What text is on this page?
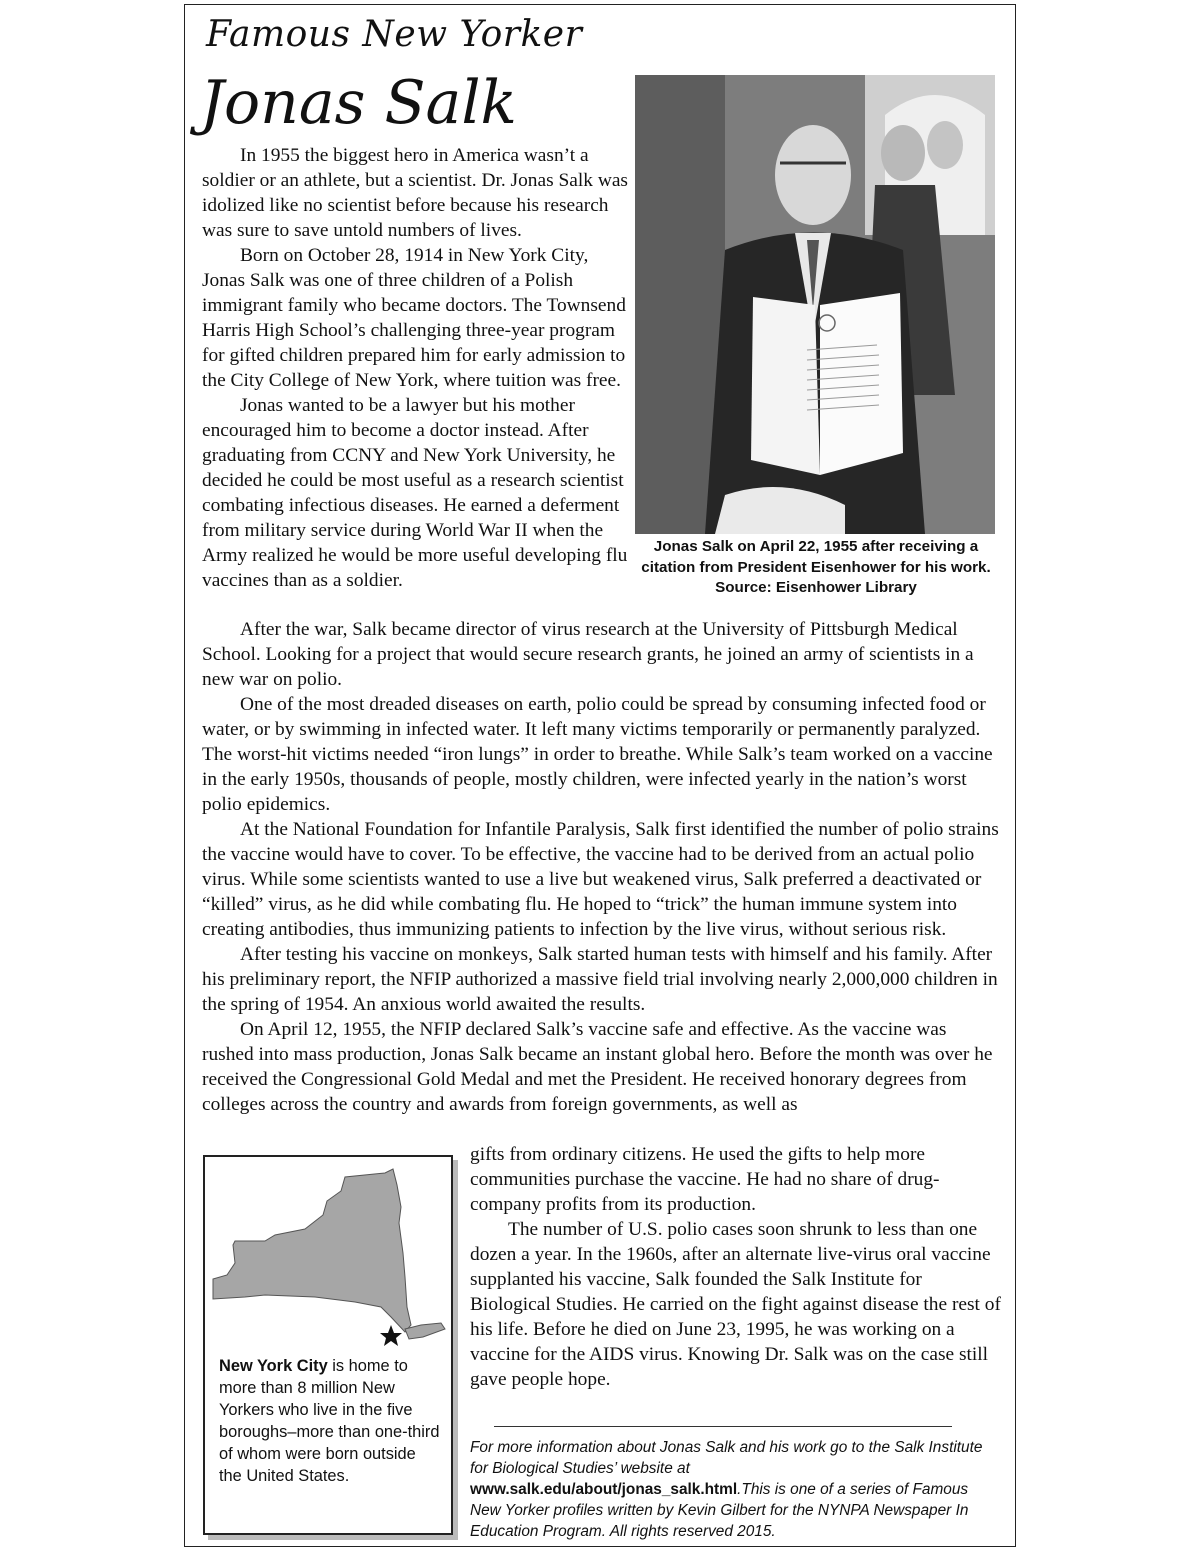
Famous New Yorker
Jonas Salk

In 1955 the biggest hero in America wasn’t a soldier or an athlete, but a scientist. Dr. Jonas Salk was idolized like no scientist before because his research was sure to save untold numbers of lives.

Born on October 28, 1914 in New York City, Jonas Salk was one of three children of a Polish immigrant family who became doctors. The Townsend Harris High School’s challenging three-year program for gifted children prepared him for early admission to the City College of New York, where tuition was free.

Jonas wanted to be a lawyer but his mother encouraged him to become a doctor instead. After graduating from CCNY and New York University, he decided he could be most useful as a research scientist combating infectious diseases. He earned a deferment from military service during World War II when the Army realized he would be more useful developing flu vaccines than as a soldier.

Jonas Salk on April 22, 1955 after receiving a citation from President Eisenhower for his work. Source: Eisenhower Library

After the war, Salk became director of virus research at the University of Pittsburgh Medical School. Looking for a project that would secure research grants, he joined an army of scientists in a new war on polio.

One of the most dreaded diseases on earth, polio could be spread by consuming infected food or water, or by swimming in infected water. It left many victims temporarily or permanently paralyzed. The worst-hit victims needed “iron lungs” in order to breathe. While Salk’s team worked on a vaccine in the early 1950s, thousands of people, mostly children, were infected yearly in the nation’s worst polio epidemics.

At the National Foundation for Infantile Paralysis, Salk first identified the number of polio strains the vaccine would have to cover. To be effective, the vaccine had to be derived from an actual polio virus. While some scientists wanted to use a live but weakened virus, Salk preferred a deactivated or “killed” virus, as he did while combating flu. He hoped to “trick” the human immune system into creating antibodies, thus immunizing patients to infection by the live virus, without serious risk.

After testing his vaccine on monkeys, Salk started human tests with himself and his family. After his preliminary report, the NFIP authorized a massive field trial involving nearly 2,000,000 children in the spring of 1954. An anxious world awaited the results.

On April 12, 1955, the NFIP declared Salk’s vaccine safe and effective. As the vaccine was rushed into mass production, Jonas Salk became an instant global hero. Before the month was over he received the Congressional Gold Medal and met the President. He received honorary degrees from colleges across the country and awards from foreign governments, as well as

gifts from ordinary citizens. He used the gifts to help more communities purchase the vaccine. He had no share of drug-company profits from its production.

The number of U.S. polio cases soon shrunk to less than one dozen a year. In the 1960s, after an alternate live-virus oral vaccine supplanted his vaccine, Salk founded the Salk Institute for Biological Studies. He carried on the fight against disease the rest of his life. Before he died on June 23, 1995, he was working on a vaccine for the AIDS virus. Knowing Dr. Salk was on the case still gave people hope.

New York City is home to more than 8 million New Yorkers who live in the five boroughs–more than one-third of whom were born outside the United States.
For more information about Jonas Salk and his work go to the Salk Institute for Biological Studies’ website at www.salk.edu/about/jonas_salk.html.This is one of a series of Famous New Yorker profiles written by Kevin Gilbert for the NYNPA Newspaper In Education Program. All rights reserved 2015.
